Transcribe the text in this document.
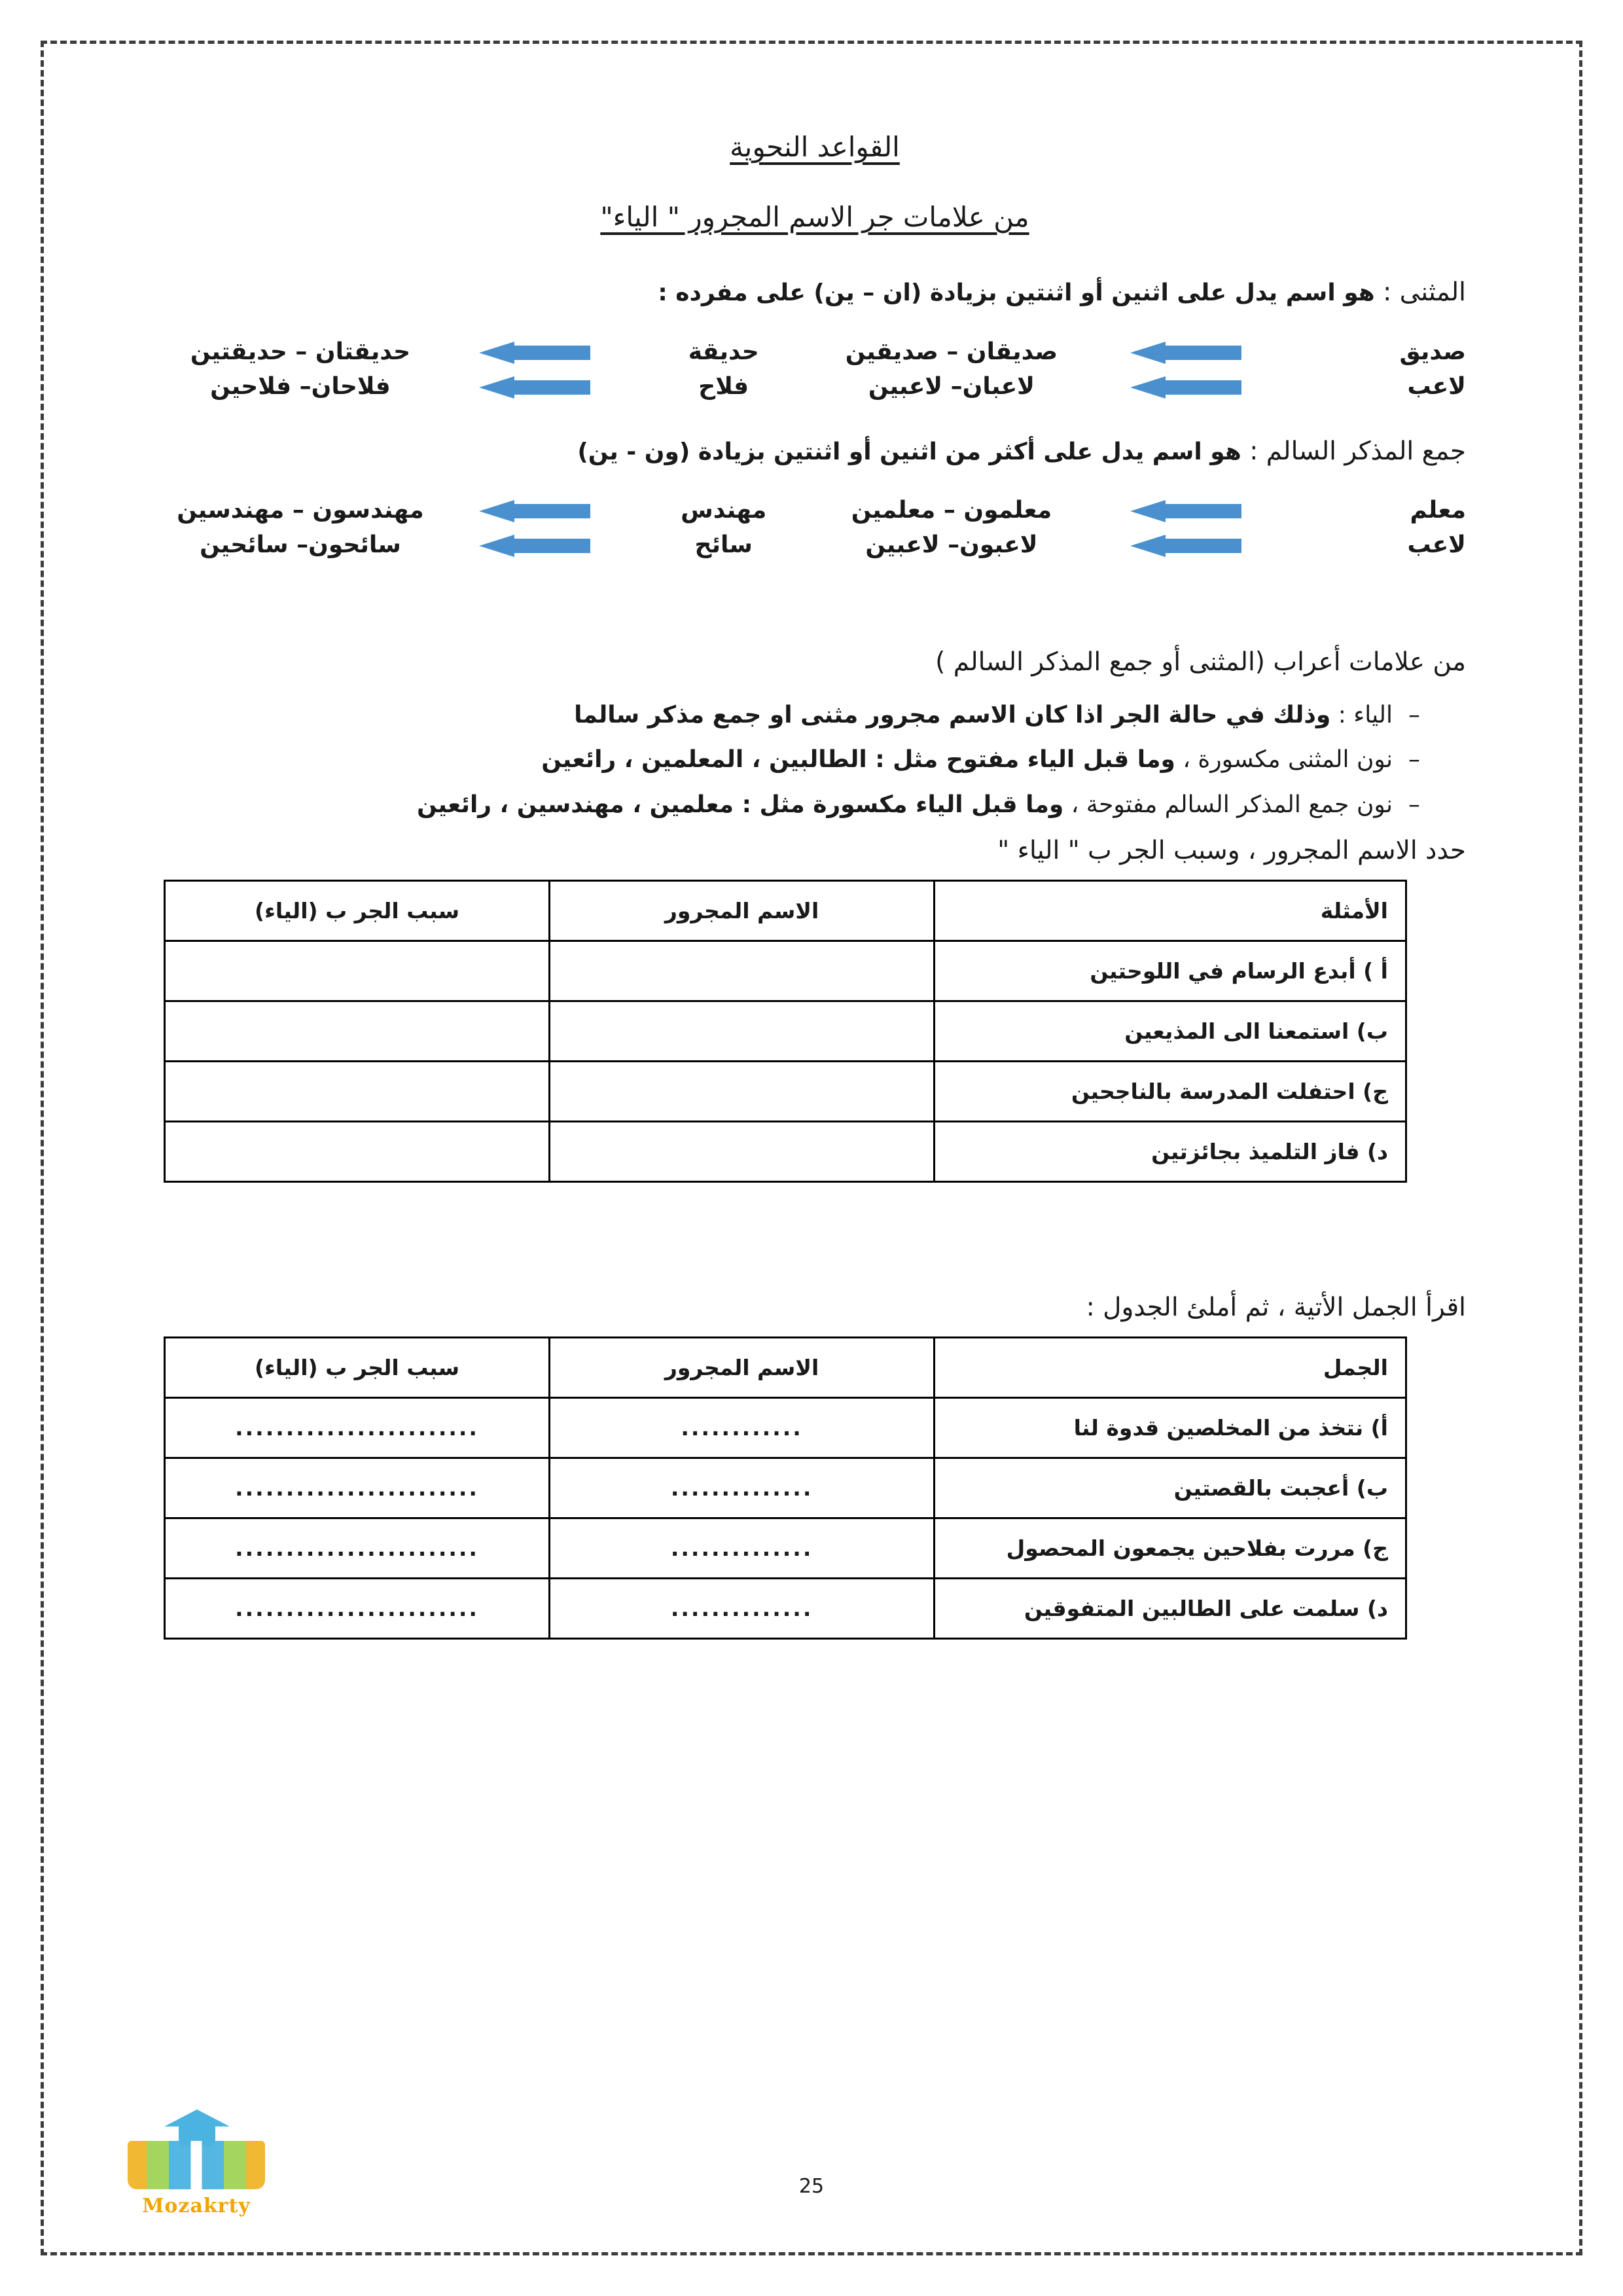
القواعد النحوية
من علامات جر الاسم المجرور " الياء"

المثنى : هو اسم يدل على اثنين أو اثنتين بزيادة (ان – ين) على مفرده :

صديق		صديقان – صديقين	حديقة		حديقتان – حديقتين
لاعب		لاعبان– لاعبين	فلاح		فلاحان– فلاحين

جمع المذكر السالم : هو اسم يدل على أكثر من اثنين أو اثنتين بزيادة (ون - ين)

معلم		معلمون – معلمين	مهندس		مهندسون – مهندسين
لاعب		لاعبون– لاعبين	سائح		سائحون– سائحين

من علامات أعراب (المثنى أو جمع المذكر السالم )

– الياء : وذلك في حالة الجر اذا كان الاسم مجرور مثنى او جمع مذكر سالما
– نون المثنى مكسورة ، وما قبل الياء مفتوح مثل : الطالبين ، المعلمين ، رائعين
– نون جمع المذكر السالم مفتوحة ، وما قبل الياء مكسورة مثل : معلمين ، مهندسين ، رائعين

حدد الاسم المجرور ، وسبب الجر ب " الياء "

الأمثلة	الاسم المجرور	سبب الجر ب (الياء)
أ ) أبدع الرسام في اللوحتين		
ب) استمعنا الى المذيعين		
ج) احتفلت المدرسة بالناجحين		
د) فاز التلميذ بجائزتين		

اقرأ الجمل الأتية ، ثم أملئ الجدول :

الجمل	الاسم المجرور	سبب الجر ب (الياء)
أ) نتخذ من المخلصين قدوة لنا	............	........................
ب) أعجبت بالقصتين	..............	........................
ج) مررت بفلاحين يجمعون المحصول	..............	........................
د) سلمت على الطالبين المتفوقين	..............	........................
25
Mozakrty
